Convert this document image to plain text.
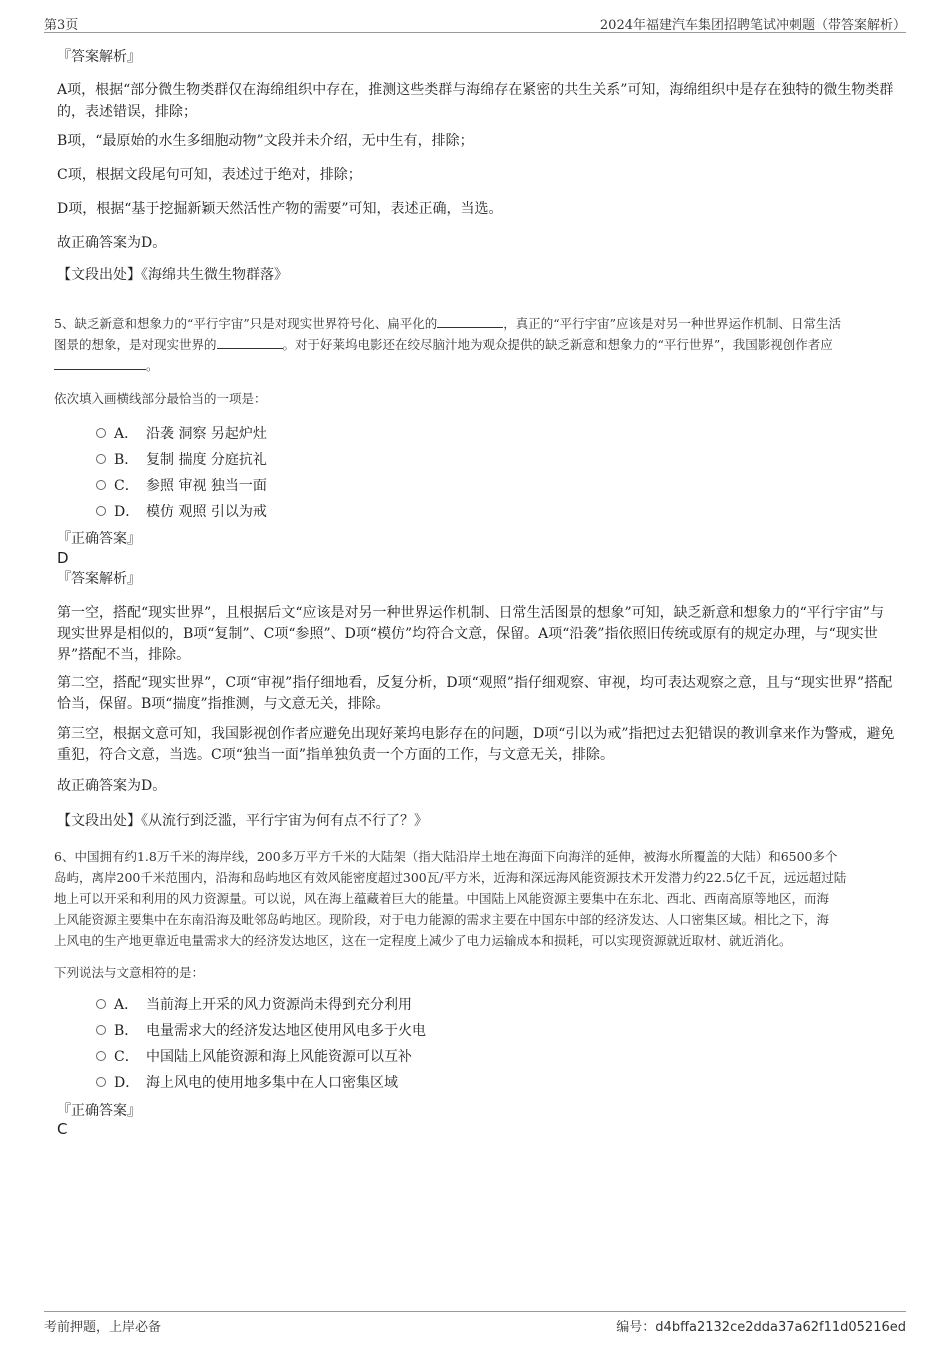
第3页	2024年福建汽车集团招聘笔试冲刺题（带答案解析）
『答案解析』
A项，根据“部分微生物类群仅在海绵组织中存在，推测这些类群与海绵存在紧密的共生关系”可知，海绵组织中是存在独特的微生物类群的，表述错误，排除；
B项，“最原始的水生多细胞动物”文段并未介绍，无中生有，排除；
C项，根据文段尾句可知，表述过于绝对，排除；
D项，根据“基于挖掘新颖天然活性产物的需要”可知，表述正确，当选。
故正确答案为D。
【文段出处】《海绵共生微生物群落》
5、缺乏新意和想象力的“平行宇宙”只是对现实世界符号化、扁平化的	，真正的“平行宇宙”应该是对另一种世界运作机制、日常生活
图景的想象，是对现实世界的	。对于好莱坞电影还在绞尽脑汁地为观众提供的缺乏新意和想象力的“平行世界”，我国影视创作者应
。
依次填入画横线部分最恰当的一项是：
A． 沿袭 洞察 另起炉灶
B． 复制 揣度 分庭抗礼
C． 参照 审视 独当一面
D． 模仿 观照 引以为戒
『正确答案』
D
『答案解析』
第一空，搭配“现实世界”，且根据后文“应该是对另一种世界运作机制、日常生活图景的想象”可知，缺乏新意和想象力的“平行宇宙”与现实世界是相似的，B项“复制”、C项“参照”、D项“模仿”均符合文意，保留。A项“沿袭”指依照旧传统或原有的规定办理，与“现实世界”搭配不当，排除。
第二空，搭配“现实世界”，C项“审视”指仔细地看，反复分析，D项“观照”指仔细观察、审视，均可表达观察之意，且与“现实世界”搭配恰当，保留。B项“揣度”指推测，与文意无关，排除。
第三空，根据文意可知，我国影视创作者应避免出现好莱坞电影存在的问题，D项“引以为戒”指把过去犯错误的教训拿来作为警戒，避免重犯，符合文意，当选。C项“独当一面”指单独负责一个方面的工作，与文意无关，排除。
故正确答案为D。
【文段出处】《从流行到泛滥，平行宇宙为何有点不行了？》
6、中国拥有约1.8万千米的海岸线，200多万平方千米的大陆架（指大陆沿岸土地在海面下向海洋的延伸，被海水所覆盖的大陆）和6500多个
岛屿，离岸200千米范围内，沿海和岛屿地区有效风能密度超过300瓦/平方米，近海和深远海风能资源技术开发潜力约22.5亿千瓦，远远超过陆
地上可以开采和利用的风力资源量。可以说，风在海上蕴藏着巨大的能量。中国陆上风能资源主要集中在东北、西北、西南高原等地区，而海
上风能资源主要集中在东南沿海及毗邻岛屿地区。现阶段，对于电力能源的需求主要在中国东中部的经济发达、人口密集区域。相比之下，海
上风电的生产地更靠近电量需求大的经济发达地区，这在一定程度上减少了电力运输成本和损耗，可以实现资源就近取材、就近消化。
下列说法与文意相符的是：
A． 当前海上开采的风力资源尚未得到充分利用
B． 电量需求大的经济发达地区使用风电多于火电
C． 中国陆上风能资源和海上风能资源可以互补
D． 海上风电的使用地多集中在人口密集区域
『正确答案』
C
考前押题，上岸必备	编号：d4bffa2132ce2dda37a62f11d05216ed
